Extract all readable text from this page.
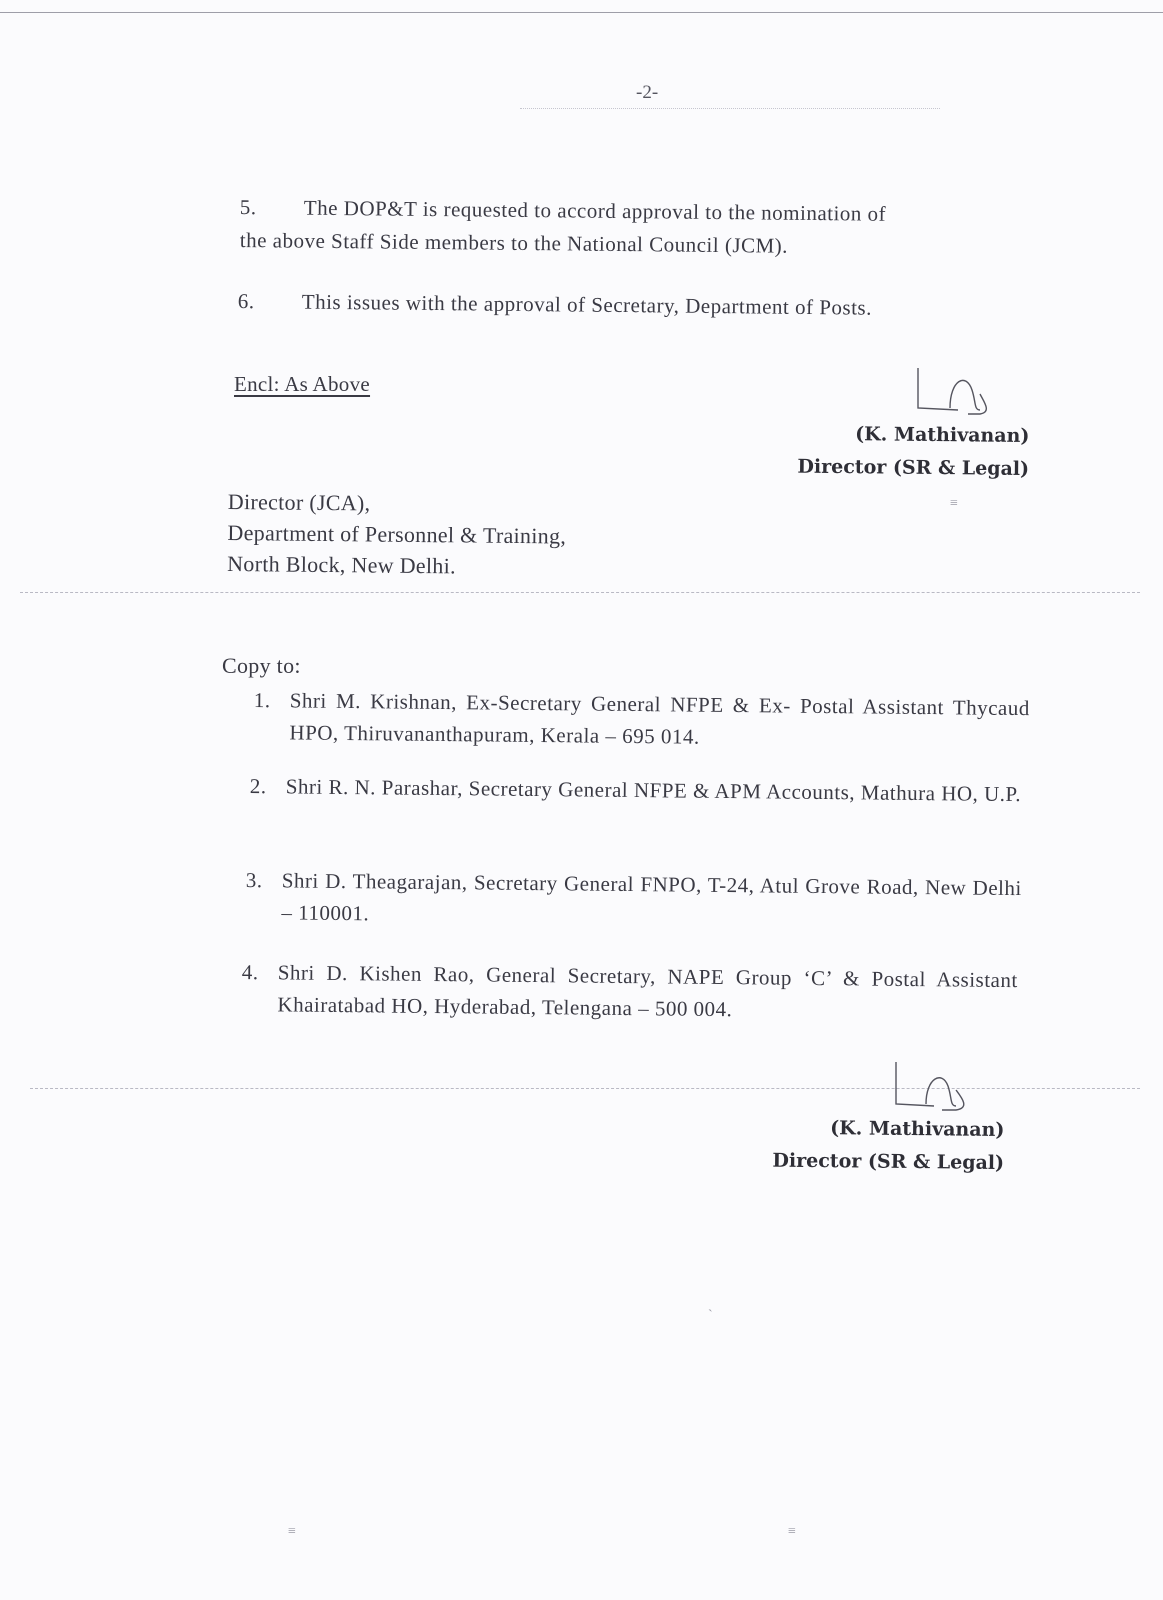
-2-
5. The DOP&T is requested to accord approval to the nomination of
the above Staff Side members to the National Council (JCM).
6. This issues with the approval of Secretary, Department of Posts.
Encl: As Above
(K. Mathivanan)
Director (SR & Legal)
Director (JCA),
Department of Personnel & Training,
North Block, New Delhi.
Copy to:
1. Shri M. Krishnan, Ex-Secretary General NFPE & Ex- Postal Assistant Thycaud HPO, Thiruvananthapuram, Kerala – 695 014.
2. Shri R. N. Parashar, Secretary General NFPE & APM Accounts, Mathura HO, U.P.
3. Shri D. Theagarajan, Secretary General FNPO, T-24, Atul Grove Road, New Delhi – 110001.
4. Shri D. Kishen Rao, General Secretary, NAPE Group ‘C’ & Postal Assistant Khairatabad HO, Hyderabad, Telengana – 500 004.
(K. Mathivanan)
Director (SR & Legal)
≡	≡
≡
`
